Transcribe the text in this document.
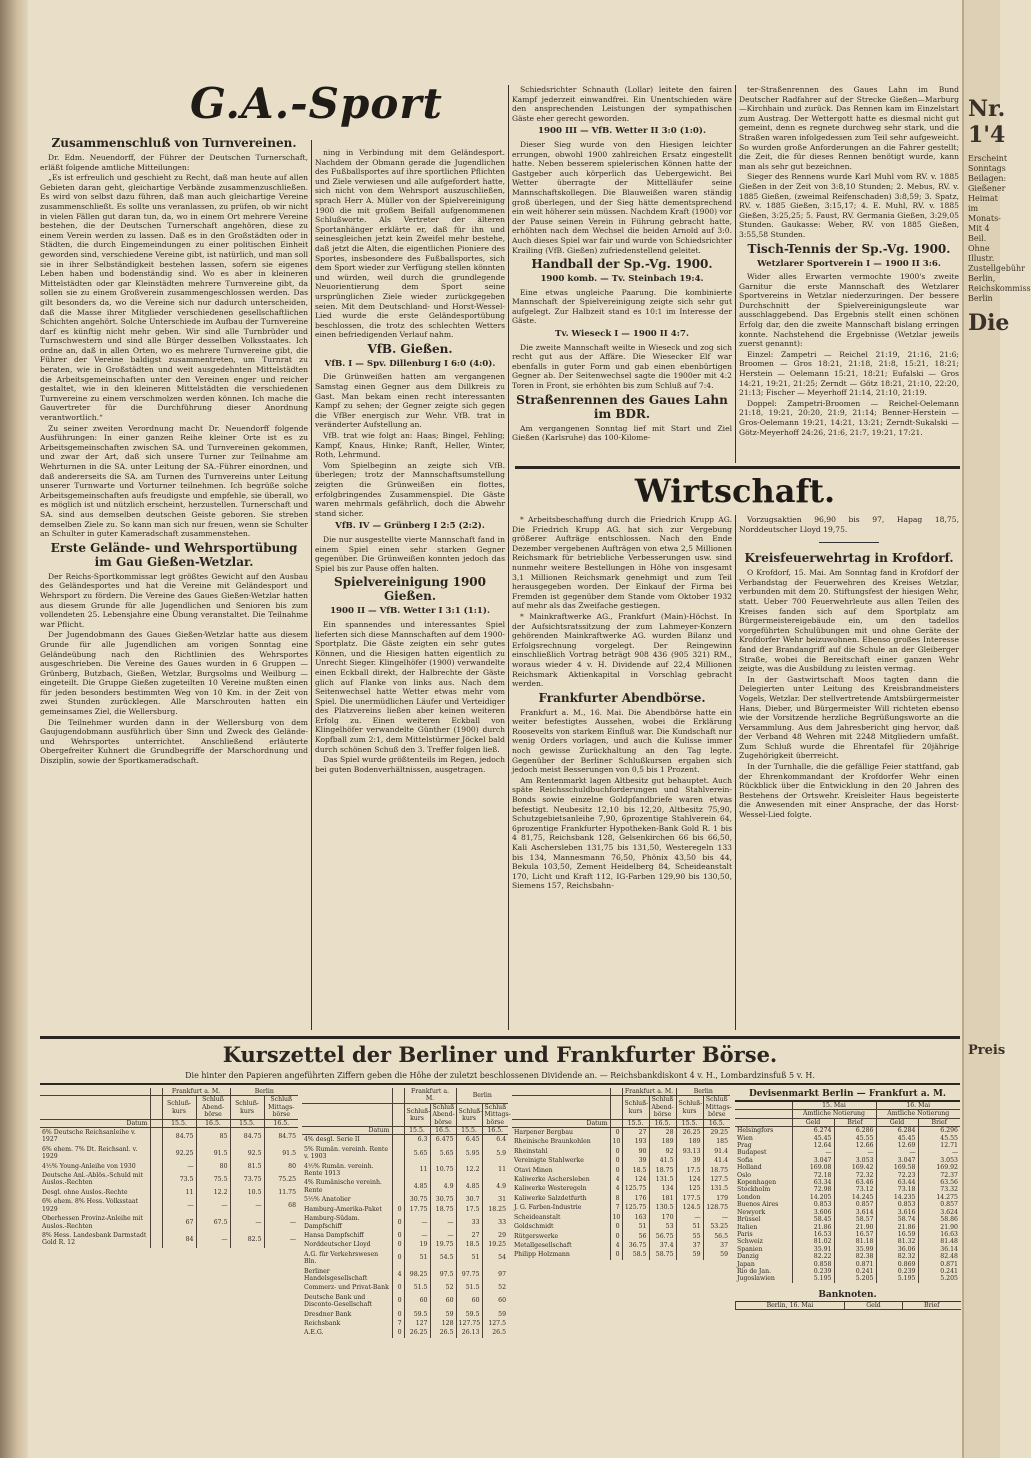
Nr. 1'4
Erscheint
Sonntags
Beilagen:
Gießener
Heimat im
Monats-
Mit 4 Beil.
Ohne Illustr.
Zustellgebühr
Berlin,
Reichskommiss
Berlin
Die
Preis
G.A.-Sport
Zusammenschluß von Turnvereinen.

Dr. Edm. Neuendorff, der Führer der Deutschen Turnerschaft, erläßt folgende amtliche Mitteilungen:

„Es ist erfreulich und geschieht zu Recht, daß man heute auf allen Gebieten daran geht, gleichartige Verbände zusammenzuschließen. Es wird von selbst dazu führen, daß man auch gleichartige Vereine zusammenschließt. Es sollte uns veranlassen, zu prüfen, ob wir nicht in vielen Fällen gut daran tun, da, wo in einem Ort mehrere Vereine bestehen, die der Deutschen Turnerschaft angehören, diese zu einem Verein werden zu lassen. Daß es in den Großstädten oder in Städten, die durch Eingemeindungen zu einer politischen Einheit geworden sind, verschiedene Vereine gibt, ist natürlich, und man soll sie in ihrer Selbständigkeit bestehen lassen, sofern sie eigenes Leben haben und bodenständig sind. Wo es aber in kleineren Mittelstädten oder gar Kleinstädten mehrere Turnvereine gibt, da sollen sie zu einem Großverein zusammengeschlossen werden. Das gilt besonders da, wo die Vereine sich nur dadurch unterscheiden, daß die Masse ihrer Mitglieder verschiedenen gesellschaftlichen Schichten angehört. Solche Unterschiede im Aufbau der Turnvereine darf es künftig nicht mehr geben. Wir sind alle Turnbrüder und Turnschwestern und sind alle Bürger desselben Volksstaates. Ich ordne an, daß in allen Orten, wo es mehrere Turnvereine gibt, die Führer der Vereine baldigst zusammentreten, um Turnrat zu beraten, wie in Großstädten und weit ausgedehnten Mittelstädten die Arbeitsgemeinschaften unter den Vereinen enger und reicher gestaltet, wie in den kleineren Mittelstädten die verschiedenen Turnvereine zu einem verschmolzen werden können. Ich mache die Gauvertreter für die Durchführung dieser Anordnung verantwortlich.“

Zu seiner zweiten Verordnung macht Dr. Neuendorff folgende Ausführungen: In einer ganzen Reihe kleiner Orte ist es zu Arbeitsgemeinschaften zwischen SA. und Turnvereinen gekommen, und zwar der Art, daß sich unsere Turner zur Teilnahme am Wehrturnen in die SA. unter Leitung der SA.-Führer einordnen, und daß andererseits die SA. am Turnen des Turnvereins unter Leitung unserer Turnwarte und Vorturner teilnehmen. Ich begrüße solche Arbeitsgemeinschaften aufs freudigste und empfehle, sie überall, wo es möglich ist und nützlich erscheint, herzustellen. Turnerschaft und SA. sind aus demselben deutschen Geiste geboren. Sie streben demselben Ziele zu. So kann man sich nur freuen, wenn sie Schulter an Schulter in guter Kameradschaft zusammenstehen.

Erste Gelände- und Wehrsportübung im Gau Gießen-Wetzlar.

Der Reichs-Sportkommissar legt größtes Gewicht auf den Ausbau des Geländesportes und hat die Vereine mit Geländesport und Wehrsport zu fördern. Die Vereine des Gaues Gießen-Wetzlar hatten aus diesem Grunde für alle Jugendlichen und Senioren bis zum vollendeten 25. Lebensjahre eine Übung veranstaltet. Die Teilnahme war Pflicht.

Der Jugendobmann des Gaues Gießen-Wetzlar hatte aus diesem Grunde für alle Jugendlichen am vorigen Sonntag eine Geländeübung nach den Richtlinien des Wehrsportes ausgeschrieben. Die Vereine des Gaues wurden in 6 Gruppen — Grünberg, Butzbach, Gießen, Wetzlar, Burgsolms und Weilburg — eingeteilt. Die Gruppe Gießen zugeteilten 10 Vereine mußten einen für jeden besonders bestimmten Weg von 10 Km. in der Zeit von zwei Stunden zurücklegen. Alle Marschrouten hatten ein gemeinsames Ziel, die Wellersburg.

Die Teilnehmer wurden dann in der Wellersburg von dem Gaujugendobmann ausführlich über Sinn und Zweck des Gelände- und Wehrsportes unterrichtet. Anschließend erläuterte Obergefreiter Kuhnert die Grundbegriffe der Marschordnung und Disziplin, sowie der Sportkameradschaft.

ning in Verbindung mit dem Geländesport. Nachdem der Obmann gerade die Jugendlichen des Fußballsportes auf ihre sportlichen Pflichten und Ziele verwiesen und alle aufgefordert hatte, sich nicht von dem Wehrsport auszuschließen, sprach Herr A. Müller von der Spielvereinigung 1900 die mit großem Beifall aufgenommenen Schlußworte. Als Vertreter der älteren Sportanhänger erklärte er, daß für ihn und seinesgleichen jetzt kein Zweifel mehr bestehe, daß jetzt die Alten, die eigentlichen Pioniere des Sportes, insbesondere des Fußballsportes, sich dem Sport wieder zur Verfügung stellen könnten und würden, weil durch die grundlegende Neuorientierung dem Sport seine ursprünglichen Ziele wieder zurückgegeben seien. Mit dem Deutschland- und Horst-Wessel-Lied wurde die erste Geländesportübung beschlossen, die trotz des schlechten Wetters einen befriedigenden Verlauf nahm.

VfB. Gießen.
VfB. I — Spv. Dillenburg I 6:0 (4:0).

Die Grünweißen hatten am vergangenen Samstag einen Gegner aus dem Dillkreis zu Gast. Man bekam einen recht interessanten Kampf zu sehen; der Gegner zeigte sich gegen die VfBer energisch zur Wehr. VfB. trat in veränderter Aufstellung an.

VfB. trat wie folgt an: Haas; Bingel, Fehling; Kampf, Knaus, Hinke; Ranft, Heller, Winter, Roth, Lehrmund.

Vom Spielbeginn an zeigte sich VfB. überlegen; trotz der Mannschaftsumstellung zeigten die Grünweißen ein flottes, erfolgbringendes Zusammenspiel. Die Gäste waren mehrmals gefährlich, doch die Abwehr stand sicher.

VfB. IV — Grünberg I 2:5 (2:2).

Die nur ausgestellte vierte Mannschaft fand in einem Spiel einen sehr starken Gegner gegenüber. Die Grünweißen konnten jedoch das Spiel bis zur Pause offen halten.

Spielvereinigung 1900 Gießen.
1900 II — VfB. Wetter I 3:1 (1:1).

Ein spannendes und interessantes Spiel lieferten sich diese Mannschaften auf dem 1900-Sportplatz. Die Gäste zeigten ein sehr gutes Können, und die Hiesigen hatten eigentlich zu Unrecht Sieger. Klingelhöfer (1900) verwandelte einen Eckball direkt, der Halbrechte der Gäste glich auf Flanke von links aus. Nach dem Seitenwechsel hatte Wetter etwas mehr vom Spiel. Die unermüdlichen Läufer und Verteidiger des Platzvereins ließen aber keinen weiteren Erfolg zu. Einen weiteren Eckball von Klingelhöfer verwandelte Günther (1900) durch Kopfball zum 2:1, dem Mittelstürmer Jöckel bald durch schönen Schuß den 3. Treffer folgen ließ.

Das Spiel wurde größtenteils im Regen, jedoch bei guten Bodenverhältnissen, ausgetragen.

Schiedsrichter Schnauth (Lollar) leitete den fairen Kampf jederzeit einwandfrei. Ein Unentschieden wäre den ansprechenden Leistungen der sympathischen Gäste eher gerecht geworden.

1900 III — VfB. Wetter II 3:0 (1:0).

Dieser Sieg wurde von den Hiesigen leichter errungen, obwohl 1900 zahlreichen Ersatz eingestellt hatte. Neben besserem spielerischen Können hatte der Gastgeber auch körperlich das Uebergewicht. Bei Wetter überragte der Mittelläufer seine Mannschaftskollegen. Die Blauweißen waren ständig groß überlegen, und der Sieg hätte dementsprechend ein weit höherer sein müssen. Nachdem Kraft (1900) vor der Pause seinen Verein in Führung gebracht hatte, erhöhten nach dem Wechsel die beiden Arnold auf 3:0. Auch dieses Spiel war fair und wurde von Schiedsrichter Krailing (VfB. Gießen) zufriedenstellend geleitet.

Handball der Sp.-Vg. 1900.
1900 komb. — Tv. Steinbach 19:4.

Eine etwas ungleiche Paarung. Die kombinierte Mannschaft der Spielvereinigung zeigte sich sehr gut aufgelegt. Zur Halbzeit stand es 10:1 im Interesse der Gäste.

Tv. Wieseck I — 1900 II 4:7.

Die zweite Mannschaft weilte in Wieseck und zog sich recht gut aus der Affäre. Die Wiesecker Elf war ebenfalls in guter Form und gab einen ebenbürtigen Gegner ab. Der Seitenwechsel sagte die 1900er mit 4:2 Toren in Front, sie erhöhten bis zum Schluß auf 7:4.

Straßenrennen des Gaues Lahn im BDR.

Am vergangenen Sonntag lief mit Start und Ziel Gießen (Karlsruhe) das 100-Kilome-

ter-Straßenrennen des Gaues Lahn im Bund Deutscher Radfahrer auf der Strecke Gießen—Marburg—Kirchhain und zurück. Das Rennen kam im Einzelstart zum Austrag. Der Wettergott hatte es diesmal nicht gut gemeint, denn es regnete durchweg sehr stark, und die Straßen waren infolgedessen zum Teil sehr aufgeweicht. So wurden große Anforderungen an die Fahrer gestellt; die Zeit, die für dieses Rennen benötigt wurde, kann man als sehr gut bezeichnen.

Sieger des Rennens wurde Karl Muhl vom RV. v. 1885 Gießen in der Zeit von 3:8,10 Stunden; 2. Mebus, RV. v. 1885 Gießen, (zweimal Reifenschaden) 3:8,59; 3. Spatz, RV. v. 1885 Gießen, 3:15,17; 4. E. Muhl, RV. v. 1885 Gießen, 3:25,25; 5. Faust, RV. Germania Gießen, 3:29,05 Stunden. Gaukasse: Weber, RV. von 1885 Gießen, 3:55,58 Stunden.

Tisch-Tennis der Sp.-Vg. 1900.
Wetzlarer Sportverein I — 1900 II 3:6.

Wider alles Erwarten vermochte 1900's zweite Garnitur die erste Mannschaft des Wetzlarer Sportvereins in Wetzlar niederzuringen. Der bessere Durchschnitt der Spielvereinigungsleute war ausschlaggebend. Das Ergebnis stellt einen schönen Erfolg dar, den die zweite Mannschaft bislang erringen konnte. Nachstehend die Ergebnisse (Wetzlar jeweils zuerst genannt):

Einzel: Zampetri — Reichel 21:19, 21:16, 21:6; Broomen — Gros 18:21, 21:18, 21:8, 15:21, 18:21; Herstein — Oelemann 15:21, 18:21; Eufalski — Gros 14:21, 19:21, 21:25; Zerndt — Götz 18:21, 21:10, 22:20, 21:13; Fischer — Meyerhoff 21:14, 21:10, 21:19.

Doppel: Zampetri-Broomen — Reichel-Oelemann 21:18, 19:21, 20:20, 21:9, 21:14; Benner-Herstein — Gros-Oelemann 19:21, 14:21, 13:21; Zerndt-Sukalski — Götz-Meyerhoff 24:26, 21:6, 21:7, 19:21, 17:21.

Wirtschaft.

* Arbeitsbeschaffung durch die Friedrich Krupp AG. Die Friedrich Krupp AG. hat sich zur Vergebung größerer Aufträge entschlossen. Nach den Ende Dezember vergebenen Aufträgen von etwa 2,5 Millionen Reichsmark für betriebliche Verbesserungen usw. sind nunmehr weitere Bestellungen in Höhe von insgesamt 3,1 Millionen Reichsmark genehmigt und zum Teil herausgegeben worden. Der Einkauf der Firma bei Fremden ist gegenüber dem Stande vom Oktober 1932 auf mehr als das Zweifache gestiegen.

* Mainkraftwerke AG., Frankfurt (Main)-Höchst. In der Aufsichtsratssitzung der zum Lahmeyer-Konzern gehörenden Mainkraftwerke AG. wurden Bilanz und Erfolgsrechnung vorgelegt. Der Reingewinn einschließlich Vortrag beträgt 908 436 (905 321) RM., woraus wieder 4 v. H. Dividende auf 22,4 Millionen Reichsmark Aktienkapital in Vorschlag gebracht werden.

Frankfurter Abendbörse.

Frankfurt a. M., 16. Mai. Die Abendbörse hatte ein weiter befestigtes Aussehen, wobei die Erklärung Roosevelts von starkem Einfluß war. Die Kundschaft nur wenig Orders vorlagen, und auch die Kulisse immer noch gewisse Zurückhaltung an den Tag legte. Gegenüber der Berliner Schlußkursen ergaben sich jedoch meist Besserungen von 0,5 bis 1 Prozent.

Am Rentenmarkt lagen Altbesitz gut behauptet. Auch späte Reichsschuldbuchforderungen und Stahlverein-Bonds sowie einzelne Goldpfandbriefe waren etwas befestigt. Neubesitz 12,10 bis 12,20, Altbesitz 75,90, Schutzgebietsanleihe 7,90, 6prozentige Stahlverein 64, 6prozentige Frankfurter Hypotheken-Bank Gold R. 1 bis 4 81,75, Reichsbank 128, Gelsenkirchen 66 bis 66,50, Kali Aschersleben 131,75 bis 131,50, Westeregeln 133 bis 134, Mannesmann 76,50, Phönix 43,50 bis 44, Bekula 103,50, Zement Heidelberg 84, Scheideanstalt 170, Licht und Kraft 112, IG-Farben 129,90 bis 130,50, Siemens 157, Reichsbahn-

Vorzugsaktien 96,90 bis 97, Hapag 18,75, Norddeutscher Lloyd 19,75.

Kreisfeuerwehrtag in Krofdorf.

O Krofdorf, 15. Mai. Am Sonntag fand in Krofdorf der Verbandstag der Feuerwehren des Kreises Wetzlar, verbunden mit dem 20. Stiftungsfest der hiesigen Wehr, statt. Ueber 700 Feuerwehrleute aus allen Teilen des Kreises fanden sich auf dem Sportplatz am Bürgermeistereigebäude ein, um den tadellos vorgeführten Schulübungen mit und ohne Geräte der Krofdorfer Wehr beizuwohnen. Ebenso großes Interesse fand der Brandangriff auf die Schule an der Gleiberger Straße, wobei die Bereitschaft einer ganzen Wehr zeigte, was die Ausbildung zu leisten vermag.

In der Gastwirtschaft Moos tagten dann die Delegierten unter Leitung des Kreisbrandmeisters Vogels, Wetzlar. Der stellvertretende Amtsbürgermeister Hans, Dieber, und Bürgermeister Will richteten ebenso wie der Vorsitzende herzliche Begrüßungsworte an die Versammlung. Aus dem Jahresbericht ging hervor, daß der Verband 48 Wehren mit 2248 Mitgliedern umfaßt. Zum Schluß wurde die Ehrentafel für 20jährige Zugehörigkeit überreicht.

In der Turnhalle, die die gefällige Feier stattfand, gab der Ehrenkommandant der Krofdorfer Wehr einen Rückblick über die Entwicklung in den 20 Jahren des Bestehens der Ortswehr. Kreisleiter Haus begeisterte die Anwesenden mit einer Ansprache, der das Horst-Wessel-Lied folgte.

Kurszettel der Berliner und Frankfurter Börse.
Die hinter den Papieren angeführten Ziffern geben die Höhe der zuletzt beschlossenen Dividende an. — Reichsbankdiskont 4 v. H., Lombardzinsfuß 5 v. H.
		Frankfurt a. M.		Berlin	
		Schluß-kurs	Schluß Abend-börse	Schluß-kurs	Schluß Mittags-börse
Datum		15.5.	16.5.	15.5.	16.5.
6% Deutsche Reichsanleihe v. 1927		84.75	85	84.75	84.75
6% ehem. 7% Dt. Reichsanl. v. 1929		92.25	91.5	92.5	91.5
4½% Young-Anleihe von 1930		—	80	81.5	80
Deutsche Anl.-Ablös.-Schuld mit Auslos.-Rechten		73.5	75.5	73.75	75.25
Desgl. ohne Auslos.-Rechte		11	12.2	10.5	11.75
6% ehem. 8% Hess. Volksstaat 1929		—	—	—	68
Oberhessen Provinz-Anleihe mit Auslos.-Rechten		67	67.5	—	—
8% Hess. Landesbank Darmstadt Gold R. 12		84	—	82.5	—
		Frankfurt a. M.		Berlin	
		Schluß-kurs	Schluß Abend-börse	Schluß-kurs	Schluß Mittags-börse
Datum		15.5.	16.5.	15.5.	16.5.
4% desgl. Serie II		6.3	6.475	6.45	6.4
5% Rumän. vereinh. Rente v. 1903		5.65	5.65	5.95	5.9
4½% Rumän. vereinh. Rente 1913		11	10.75	12.2	11
4% Rumänische vereinh. Rente		4.85	4.9	4.85	4.9
5½% Anatolier		30.75	30.75	30.7	31
Hamburg-Amerika-Paket	0	17.75	18.75	17.5	18.25
Hamburg-Südam. Dampfschiff	0	—	—	33	33
Hansa Dampfschiff	0	—	—	27	29
Norddeutscher Lloyd	0	19	19.75	18.5	19.25
A.G. für Verkehrswesen Bln.	0	51	54.5	51	54
Berliner Handelsgesellschaft	4	98.25	97.5	97.75	97
Commerz- und Privat-Bank	0	51.5	52	51.5	52
Deutsche Bank und Disconto-Gesellschaft	0	60	60	60	60
Dresdner Bank	0	59.5	59	59.5	59
Reichsbank	7	127	128	127.75	127.5
A.E.G.	0	26.25	26.5	26.13	26.5
		Frankfurt a. M.		Berlin	
		Schluß-kurs	Schluß Abend-börse	Schluß-kurs	Schluß Mittags-börse
Datum		15.5.	16.5.	15.5.	16.5.
Harpener Bergbau	0	27	28	26.25	29.25
Rheinische Braunkohlen	10	193	189	189	185
Rheinstahl	0	90	92	93.13	91.4
Vereinigte Stahlwerke	0	39	41.5	39	41.4
Otavi Minen	0	18.5	18.75	17.5	18.75
Kaliwerke Aschersleben	4	124	131.5	124	127.5
Kaliwerke Westeregeln	4	125.75	134	125	131.5
Kaliwerke Salzdetfurth	8	176	181	177.5	179
J. G. Farben-Industrie	7	125.75	130.5	124.5	128.75
Scheideanstalt	10	163	170	—	—
Goldschmidt	0	51	53	51	53.25
Rütgerswerke	0	56	56.75	55	56.5
Metallgesellschaft	4	36.75	37.4	37	37
Philipp Holzmann	0	58.5	58.75	59	59
Devisenmarkt Berlin — Frankfurt a. M.
	15. Mai		16. Mai	
	Amtliche Notierung		Amtliche Notierung	
	Geld	Brief	Geld	Brief
Helsingfors	6.274	6.286	6.284	6.296
Wien	45.45	45.55	45.45	45.55
Prag	12.64	12.66	12.69	12.71
Budapest	—	—	—	—
Sofia	3.047	3.053	3.047	3.053
Holland	169.08	169.42	169.58	169.92
Oslo	72.18	72.32	72.23	72.37
Kopenhagen	63.34	63.46	63.44	63.56
Stockholm	72.98	73.12	73.18	73.32
London	14.205	14.245	14.235	14.275
Buenos Aires	0.853	0.857	0.853	0.857
Newyork	3.606	3.614	3.616	3.624
Brüssel	58.45	58.57	58.74	58.86
Italien	21.86	21.90	21.86	21.90
Paris	16.53	16.57	16.59	16.63
Schweiz	81.02	81.18	81.32	81.48
Spanien	35.91	35.99	36.06	36.14
Danzig	82.22	82.38	82.32	82.48
Japan	0.858	0.871	0.869	0.871
Rio de Jan.	0.239	0.241	0.239	0.241
Jugoslawien	5.195	5.205	5.195	5.205
Banknoten.
Berlin, 16. Mai	Geld	Brief
